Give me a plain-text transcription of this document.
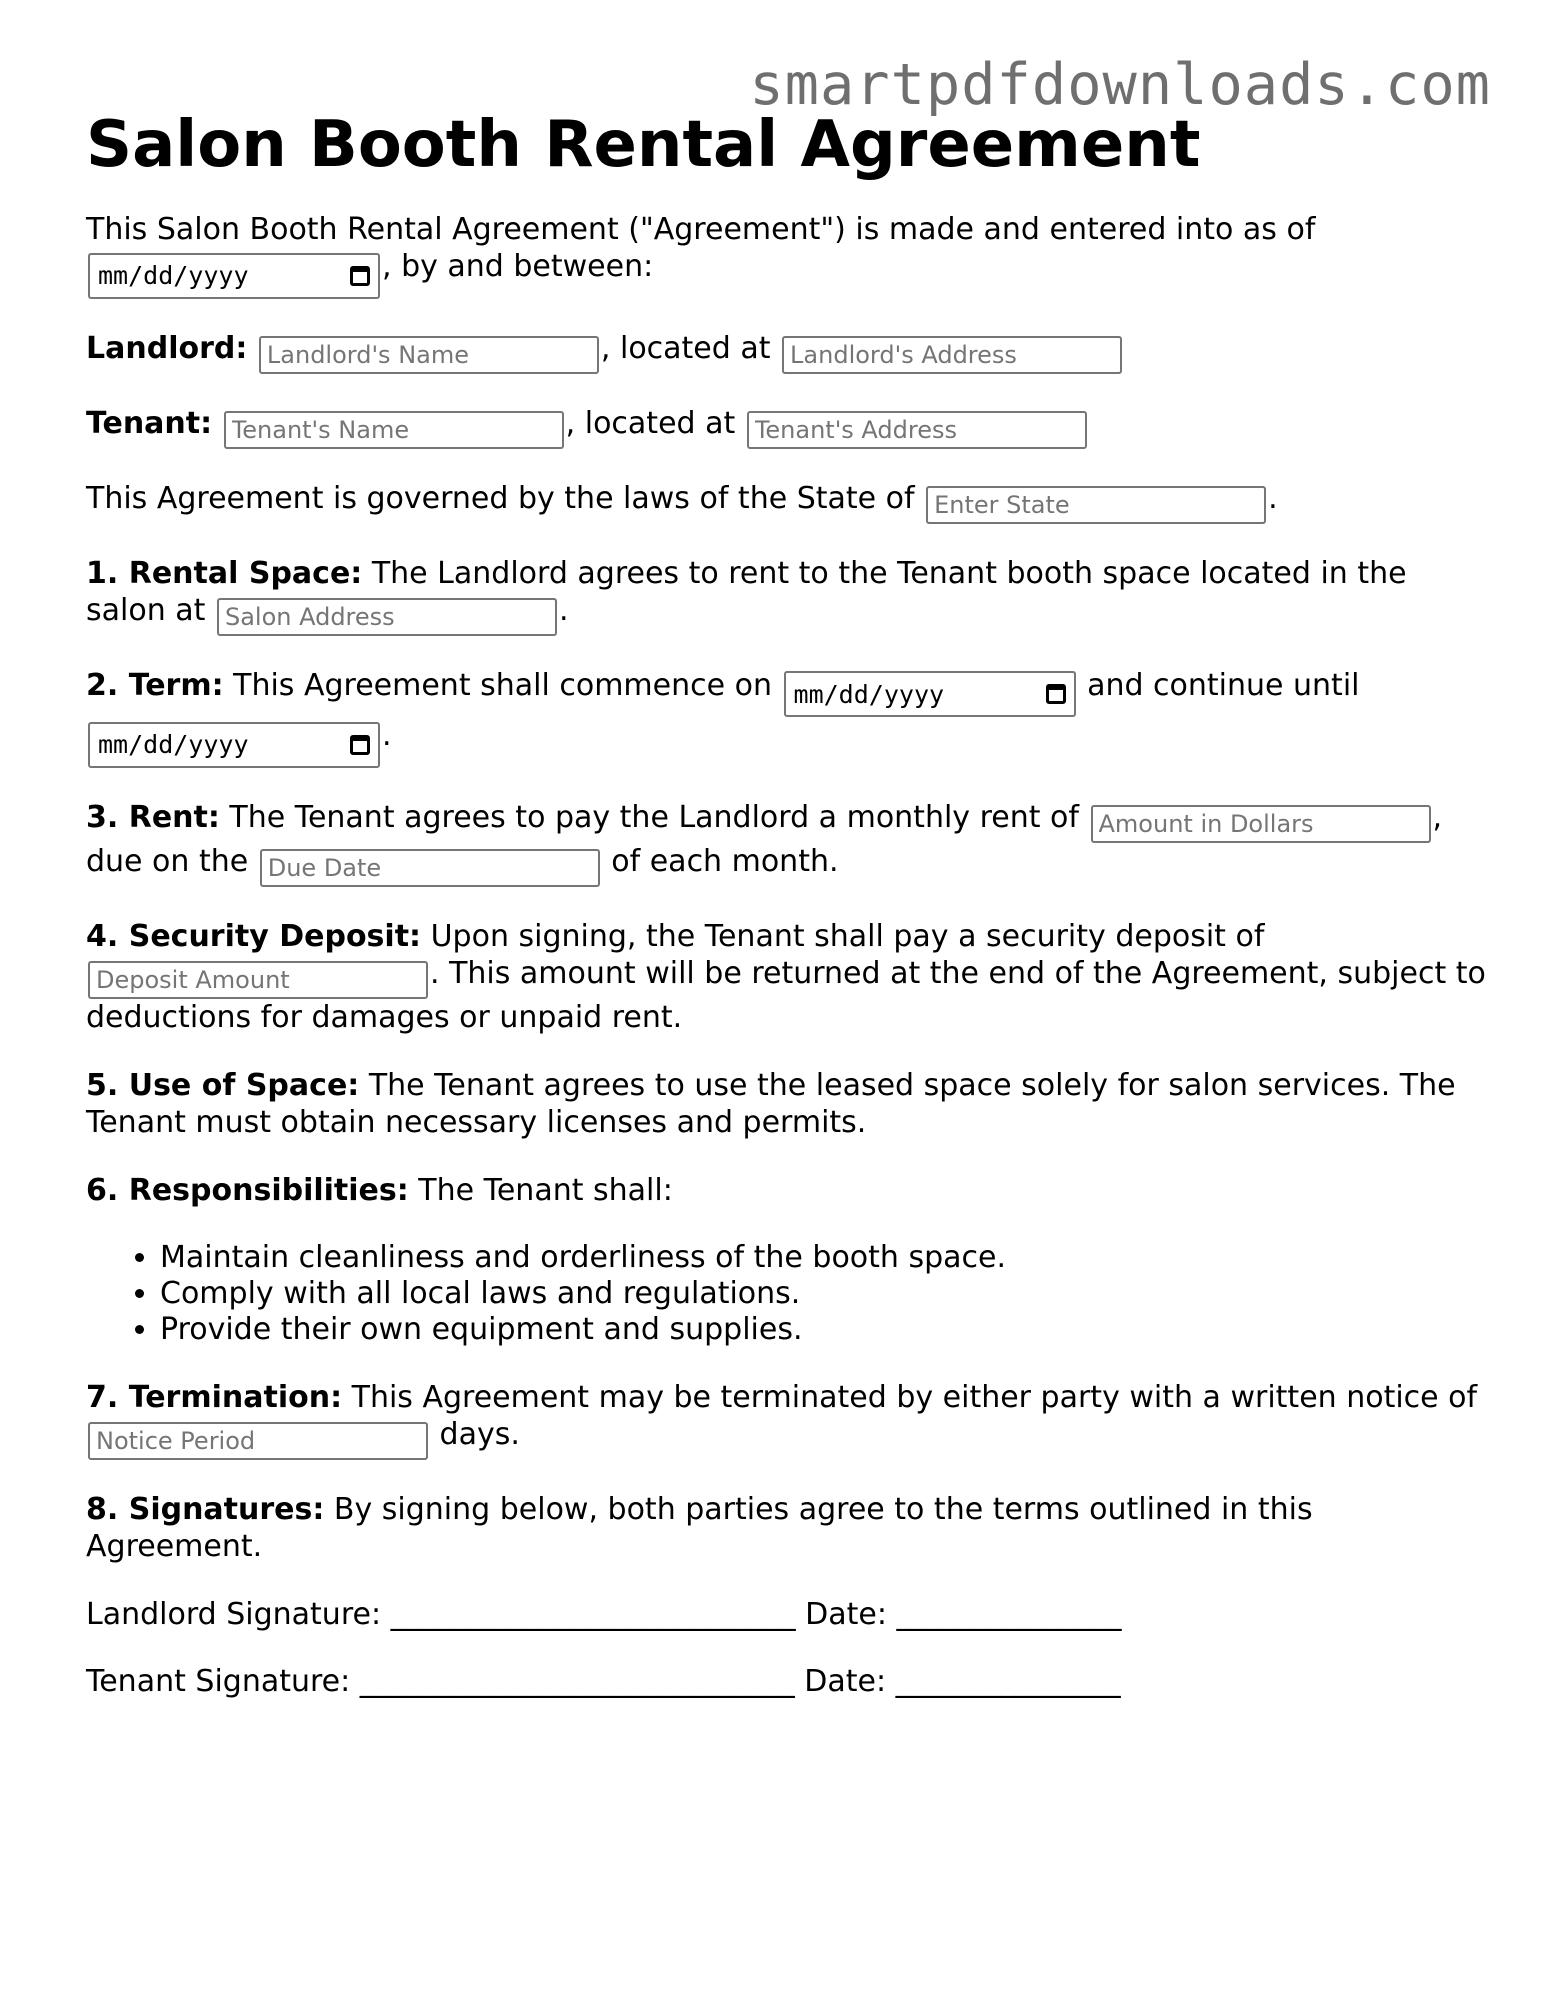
smartpdfdownloads.com
Salon Booth Rental Agreement

This Salon Booth Rental Agreement ("Agreement") is made and entered into as of

mm/dd/yyyy	, by and between:

Landlord: Landlord's Name	, located at Landlord's Address

Tenant: Tenant's Name	, located at Tenant's Address

This Agreement is governed by the laws of the State of Enter State	.

1. Rental Space: The Landlord agrees to rent to the Tenant booth space located in the salon at Salon Address	.

2. Term: This Agreement shall commence on mm/dd/yyyy	and continue until

mm/dd/yyyy	.

3. Rent: The Tenant agrees to pay the Landlord a monthly rent of Amount in Dollars	, due on the Due Date	of each month.

4. Security Deposit: Upon signing, the Tenant shall pay a security deposit of
Deposit Amount. This amount will be returned at the end of the Agreement, subject to deductions for damages or unpaid rent.

5. Use of Space: The Tenant agrees to use the leased space solely for salon services. The Tenant must obtain necessary licenses and permits.

6. Responsibilities: The Tenant shall:

• Maintain cleanliness and orderliness of the booth space.
• Comply with all local laws and regulations.
• Provide their own equipment and supplies.

7. Termination: This Agreement may be terminated by either party with a written notice of Notice Period days.

8. Signatures: By signing below, both parties agree to the terms outlined in this Agreement.

Landlord Signature: ___________________________ Date: _______________
Tenant Signature: _____________________________ Date: _______________
